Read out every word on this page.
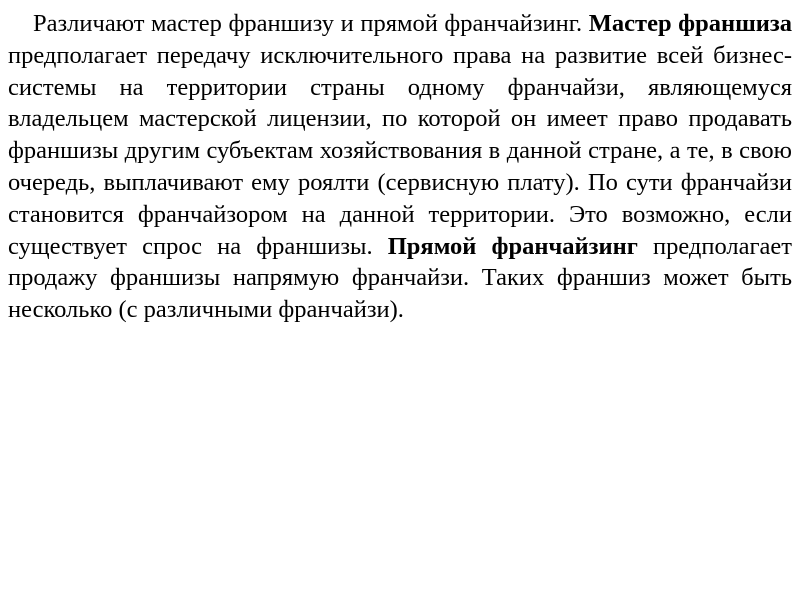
Различают мастер франшизу и прямой франчайзинг. Мастер франшиза предполагает передачу исключительного права на развитие всей бизнес-системы на территории страны одному франчайзи, являющемуся владельцем мастерской лицензии, по которой он имеет право продавать франшизы другим субъектам хозяйствования в данной стране, а те, в свою очередь, выплачивают ему роялти (сервисную плату). По сути франчайзи становится франчайзором на данной территории. Это возможно, если существует спрос на франшизы. Прямой франчайзинг предполагает продажу франшизы напрямую франчайзи. Таких франшиз может быть несколько (с различными франчайзи).
